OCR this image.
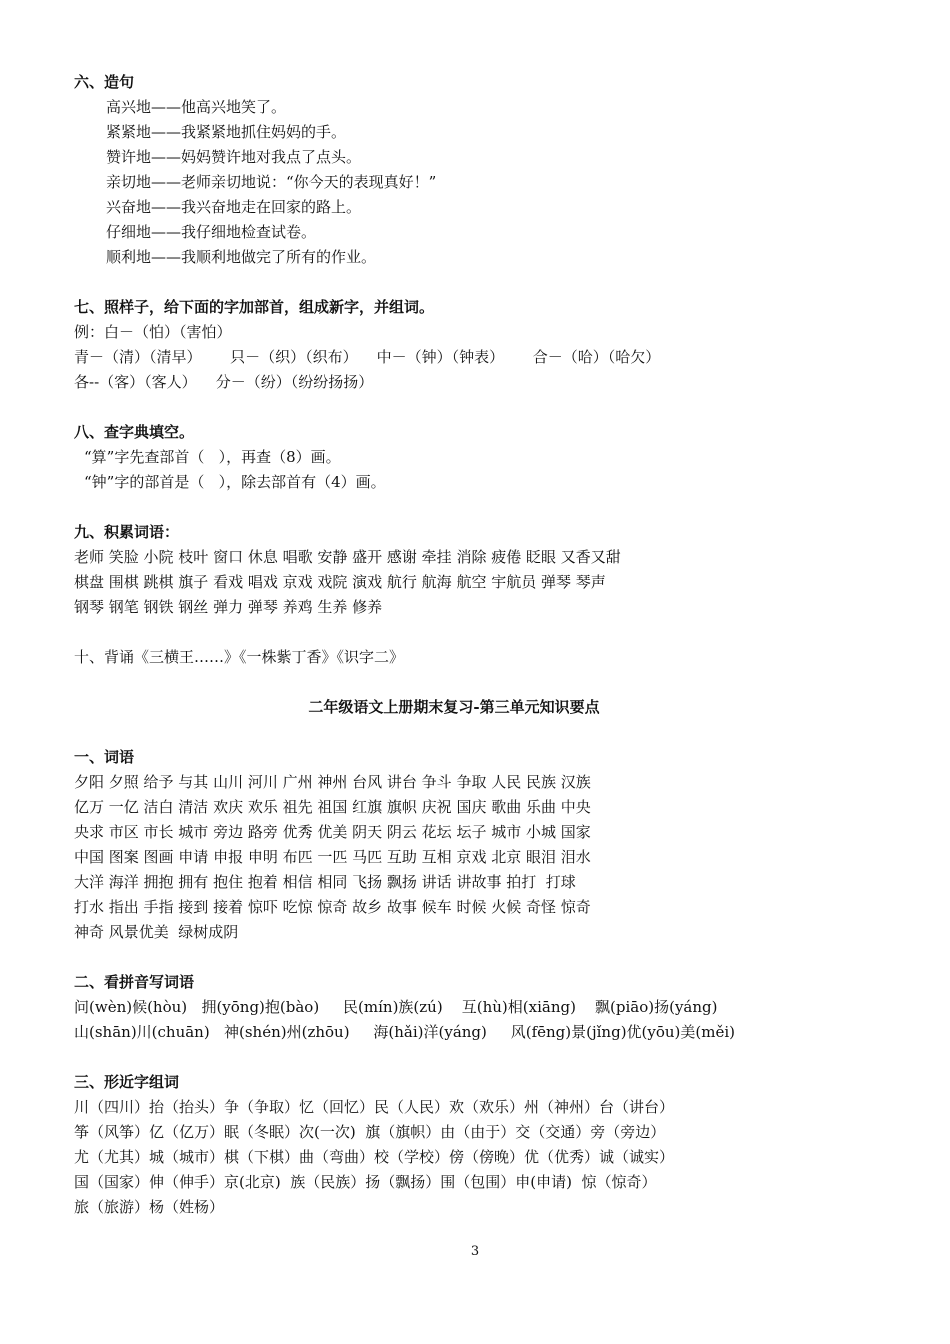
六、造句
高兴地——他高兴地笑了。
紧紧地——我紧紧地抓住妈妈的手。
赞许地——妈妈赞许地对我点了点头。
亲切地——老师亲切地说：“你今天的表现真好！”
兴奋地——我兴奋地走在回家的路上。
仔细地——我仔细地检查试卷。
顺利地——我顺利地做完了所有的作业。
七、照样子，给下面的字加部首，组成新字，并组词。
例：白－（怕）（害怕）
青－（清）（清早）      只－（织）（织布）    中－（钟）（钟表）      合－（哈）（哈欠）
各--（客）（客人）    分－（纷）（纷纷扬扬）
八、查字典填空。
“算”字先查部首（   ），再查（8）画。
“钟”字的部首是（   ），除去部首有（4）画。
九、积累词语：
老师 笑脸 小院 枝叶 窗口 休息 唱歌 安静 盛开 感谢 牵挂 消除 疲倦 眨眼 又香又甜
棋盘 围棋 跳棋 旗子 看戏 唱戏 京戏 戏院 演戏 航行 航海 航空 宇航员 弹琴 琴声
钢琴 钢笔 钢铁 钢丝 弹力 弹琴 养鸡 生养 修养
十、背诵《三横王……》《一株紫丁香》《识字二》
二年级语文上册期末复习-第三单元知识要点
一、词语
夕阳 夕照 给予 与其 山川 河川 广州 神州 台风 讲台 争斗 争取 人民 民族 汉族
亿万 一亿 洁白 清洁 欢庆 欢乐 祖先 祖国 红旗 旗帜 庆祝 国庆 歌曲 乐曲 中央
央求 市区 市长 城市 旁边 路旁 优秀 优美 阴天 阴云 花坛 坛子 城市 小城 国家
中国 图案 图画 申请 申报 申明 布匹 一匹 马匹 互助 互相 京戏 北京 眼泪 泪水
大洋 海洋 拥抱 拥有 抱住 抱着 相信 相同 飞扬 飘扬 讲话 讲故事 拍打  打球
打水 指出 手指 接到 接着 惊吓 吃惊 惊奇 故乡 故事 候车 时候 火候 奇怪 惊奇
神奇 风景优美  绿树成阴
二、看拼音写词语
问(wèn)候(hòu)   拥(yōng)抱(bào)     民(mín)族(zú)    互(hù)相(xiāng)    飘(piāo)扬(yáng)
山(shān)川(chuān)   神(shén)州(zhōu)     海(hǎi)洋(yáng)     风(fēng)景(jǐng)优(yōu)美(měi)
三、形近字组词
川（四川）抬（抬头）争（争取）忆（回忆）民（人民）欢（欢乐）州（神州）台（讲台）
筝（风筝）亿（亿万）眠（冬眠）次(一次)  旗（旗帜）由（由于）交（交通）旁（旁边）
尤（尤其）城（城市）棋（下棋）曲（弯曲）校（学校）傍（傍晚）优（优秀）诚（诚实）
国（国家）伸（伸手）京(北京)  族（民族）扬（飘扬）围（包围）申(申请)  惊（惊奇）
旅（旅游）杨（姓杨）
3
